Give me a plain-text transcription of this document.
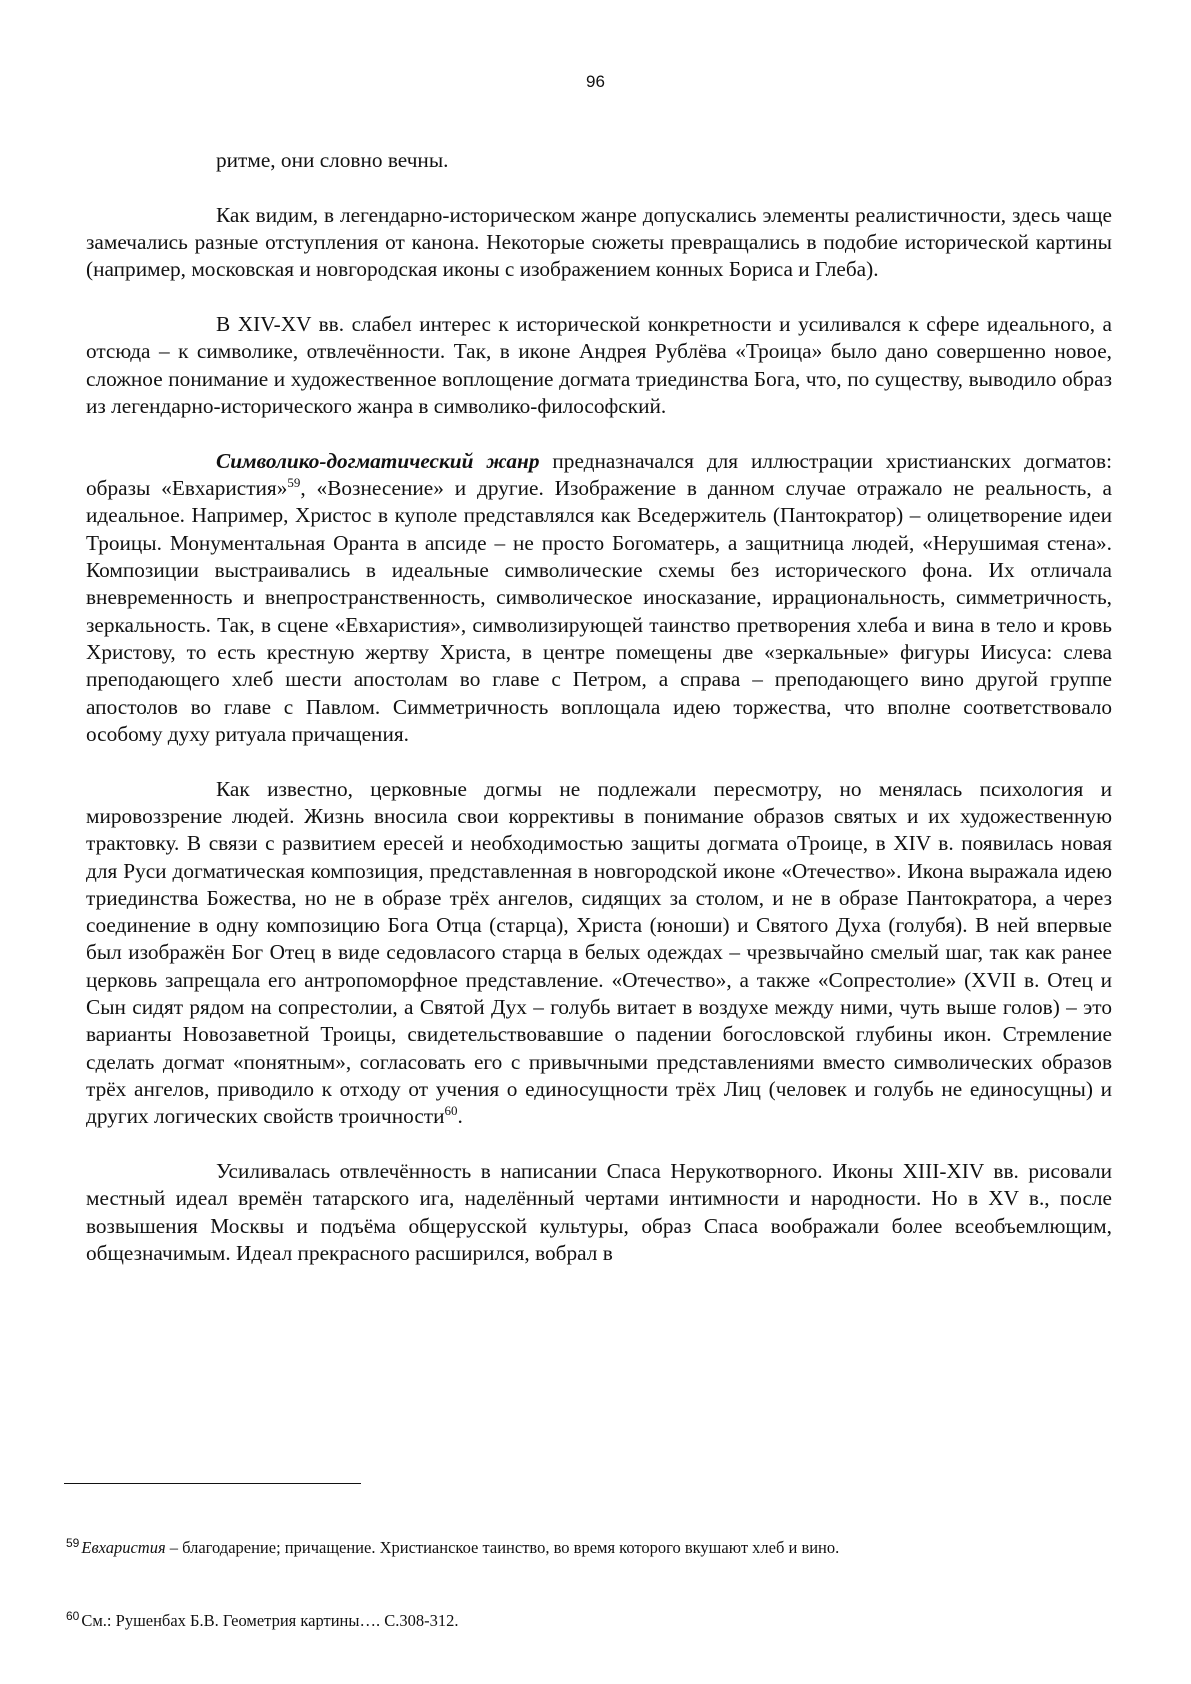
96

ритме, они словно вечны.

Как видим, в легендарно-историческом жанре допускались элементы реалистичности, здесь чаще замечались разные отступления от канона. Некоторые сюжеты превращались в подобие исторической картины (например, московская и новгородская иконы с изображением конных Бориса и Глеба).

В XIV-XV вв. слабел интерес к исторической конкретности и усиливался к сфере идеального, а отсюда – к символике, отвлечённости. Так, в иконе Андрея Рублёва «Троица» было дано совершенно новое, сложное понимание и художественное воплощение догмата триединства Бога, что, по существу, выводило образ из легендарно-исторического жанра в символико-философский.

Символико-догматический жанр предназначался для иллюстрации христианских догматов: образы «Евхаристия»$^{59}$, «Вознесение» и другие. Изображение в данном случае отражало не реальность, а идеальное. Например, Христос в куполе представлялся как Вседержитель (Пантократор) – олицетворение идеи Троицы. Монументальная Оранта в апсиде – не просто Богоматерь, а защитница людей, «Нерушимая стена». Композиции выстраивались в идеальные символические схемы без исторического фона. Их отличала вневременность и внепространственность, символическое иносказание, иррациональность, симметричность, зеркальность. Так, в сцене «Евхаристия», символизирующей таинство претворения хлеба и вина в тело и кровь Христову, то есть крестную жертву Христа, в центре помещены две «зеркальные» фигуры Иисуса: слева преподающего хлеб шести апостолам во главе с Петром, а справа – преподающего вино другой группе апостолов во главе с Павлом. Симметричность воплощала идею торжества, что вполне соответствовало особому духу ритуала причащения.

Как известно, церковные догмы не подлежали пересмотру, но менялась психология и мировоззрение людей. Жизнь вносила свои коррективы в понимание образов святых и их художественную трактовку. В связи с развитием ересей и необходимостью защиты догмата оТроице, в XIV в. появилась новая для Руси догматическая композиция, представленная в новгородской иконе «Отечество». Икона выражала идею триединства Божества, но не в образе трёх ангелов, сидящих за столом, и не в образе Пантократора, а через соединение в одну композицию Бога Отца (старца), Христа (юноши) и Святого Духа (голубя). В ней впервые был изображён Бог Отец в виде седовласого старца в белых одеждах – чрезвычайно смелый шаг, так как ранее церковь запрещала его антропоморфное представление. «Отечество», а также «Сопрестолие» (XVII в. Отец и Сын сидят рядом на сопрестолии, а Святой Дух – голубь витает в воздухе между ними, чуть выше голов) – это варианты Новозаветной Троицы, свидетельствовавшие о падении богословской глубины икон. Стремление сделать догмат «понятным», согласовать его с привычными представлениями вместо символических образов трёх ангелов, приводило к отходу от учения о единосущности трёх Лиц (человек и голубь не единосущны) и других логических свойств троичности$^{60}$.

Усиливалась отвлечённость в написании Спаса Нерукотворного. Иконы XIII-XIV вв. рисовали местный идеал времён татарского ига, наделённый чертами интимности и народности. Но в XV в., после возвышения Москвы и подъёма общерусской культуры, образ Спаса воображали более всеобъемлющим, общезначимым. Идеал прекрасного расширился, вобрал в

$^{59}$ Евхаристия – благодарение; причащение. Христианское таинство, во время которого вкушают хлеб и вино.
$^{60}$ См.: Рушенбах Б.В. Геометрия картины…. С.308-312.
